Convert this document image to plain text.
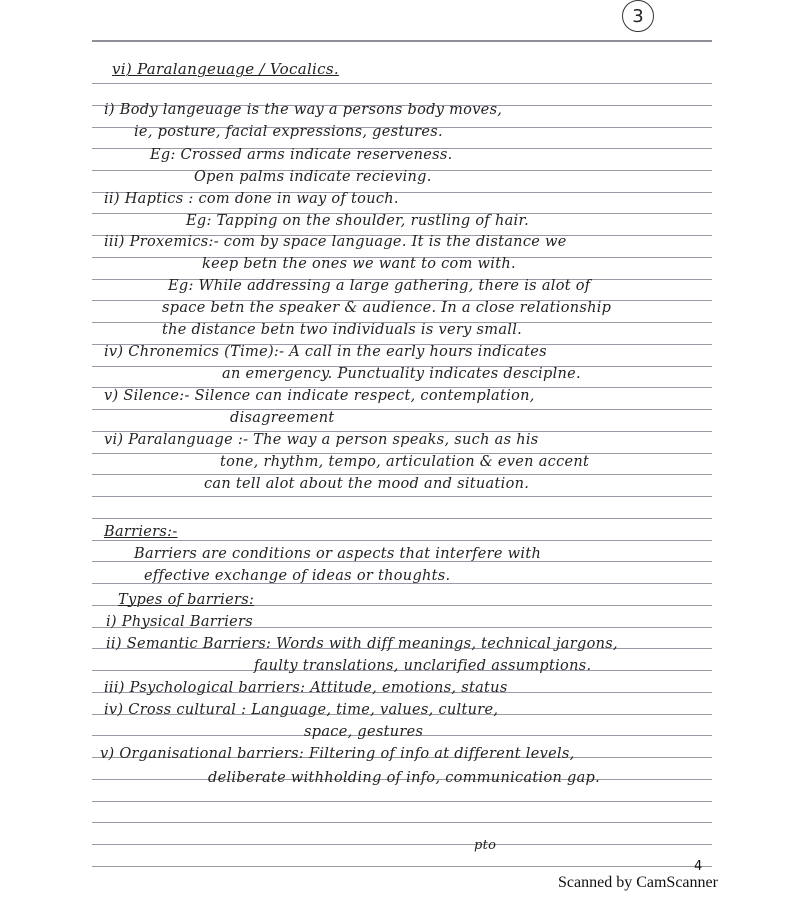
3
vi) Paralangeuage / Vocalics.
i) Body langeuage is the way a persons body moves,
ie, posture, facial expressions, gestures.
Eg: Crossed arms indicate reserveness.
Open palms indicate recieving.
ii) Haptics : com done in way of touch.
Eg: Tapping on the shoulder, rustling of hair.
iii) Proxemics:- com by space language. It is the distance we
keep betn the ones we want to com with.
Eg: While addressing a large gathering, there is alot of
space betn the speaker & audience. In a close relationship
the distance betn two individuals is very small.
iv) Chronemics (Time):- A call in the early hours indicates
an emergency. Punctuality indicates desciplne.
v) Silence:- Silence can indicate respect, contemplation,
disagreement
vi) Paralanguage :- The way a person speaks, such as his
tone, rhythm, tempo, articulation & even accent
can tell alot about the mood and situation.
Barriers:-
Barriers are conditions or aspects that interfere with
effective exchange of ideas or thoughts.
Types of barriers:
i) Physical Barriers
ii) Semantic Barriers: Words with diff meanings, technical jargons,
faulty translations, unclarified assumptions.
iii) Psychological barriers: Attitude, emotions, status
iv) Cross cultural : Language, time, values, culture,
space, gestures
v) Organisational barriers: Filtering of info at different levels,
deliberate withholding of info, communication gap.
pto
4
Scanned by CamScanner
